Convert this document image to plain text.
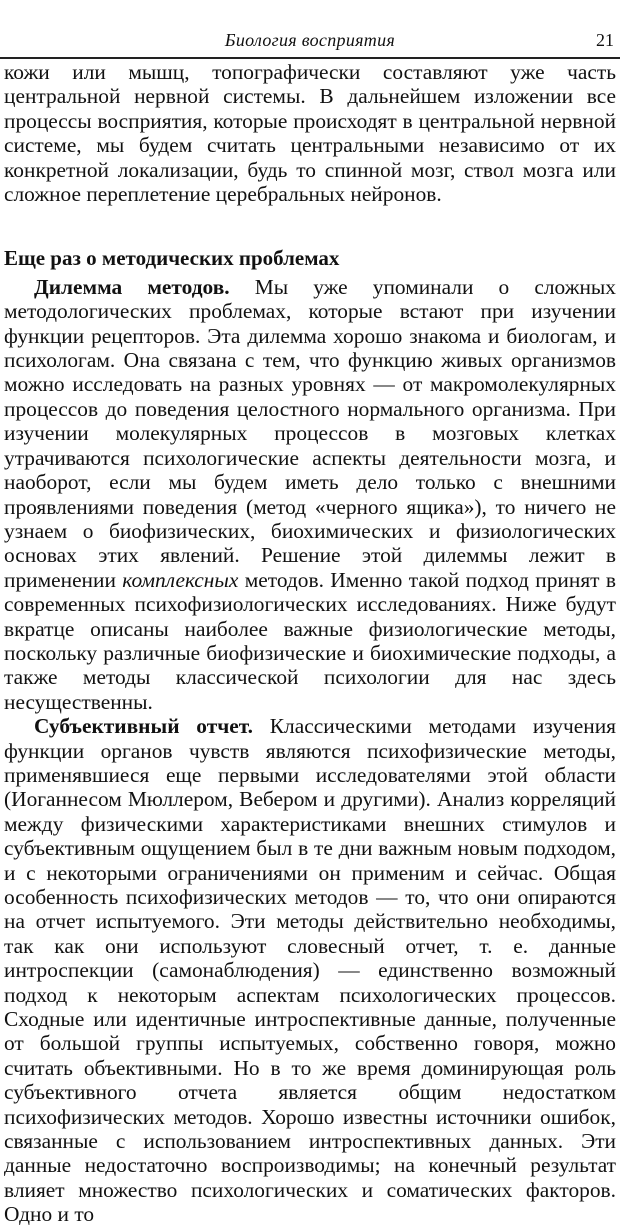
Биология восприятия	21

кожи или мышц, топографически составляют уже часть центральной нервной системы. В дальнейшем изложении все процессы восприятия, которые происходят в центральной нервной системе, мы будем считать центральными независимо от их конкретной локализации, будь то спинной мозг, ствол мозга или сложное переплетение церебральных нейронов.

Еще раз о методических проблемах

Дилемма методов. Мы уже упоминали о сложных методологических проблемах, которые встают при изучении функции рецепторов. Эта дилемма хорошо знакома и биологам, и психологам. Она связана с тем, что функцию живых организмов можно исследовать на разных уровнях — от макромолекулярных процессов до поведения целостного нормального организма. При изучении молекулярных процессов в мозговых клетках утрачиваются психологические аспекты деятельности мозга, и наоборот, если мы будем иметь дело только с внешними проявлениями поведения (метод «черного ящика»), то ничего не узнаем о биофизических, биохимических и физиологических основах этих явлений. Решение этой дилеммы лежит в применении комплексных методов. Именно такой подход принят в современных психофизиологических исследованиях. Ниже будут вкратце описаны наиболее важные физиологические методы, поскольку различные биофизические и биохимические подходы, а также методы классической психологии для нас здесь несущественны.

Субъективный отчет. Классическими методами изучения функции органов чувств являются психофизические методы, применявшиеся еще первыми исследователями этой области (Иоганнесом Мюллером, Вебером и другими). Анализ корреляций между физическими характеристиками внешних стимулов и субъективным ощущением был в те дни важным новым подходом, и с некоторыми ограничениями он применим и сейчас. Общая особенность психофизических методов — то, что они опираются на отчет испытуемого. Эти методы действительно необходимы, так как они используют словесный отчет, т. е. данные интроспекции (самонаблюдения) — единственно возможный подход к некоторым аспектам психологических процессов. Сходные или идентичные интроспективные данные, полученные от большой группы испытуемых, собственно говоря, можно считать объективными. Но в то же время доминирующая роль субъективного отчета является общим недостатком психофизических методов. Хорошо известны источники ошибок, связанные с использованием интроспективных данных. Эти данные недостаточно воспроизводимы; на конечный результат влияет множество психологических и соматических факторов. Одно и то
